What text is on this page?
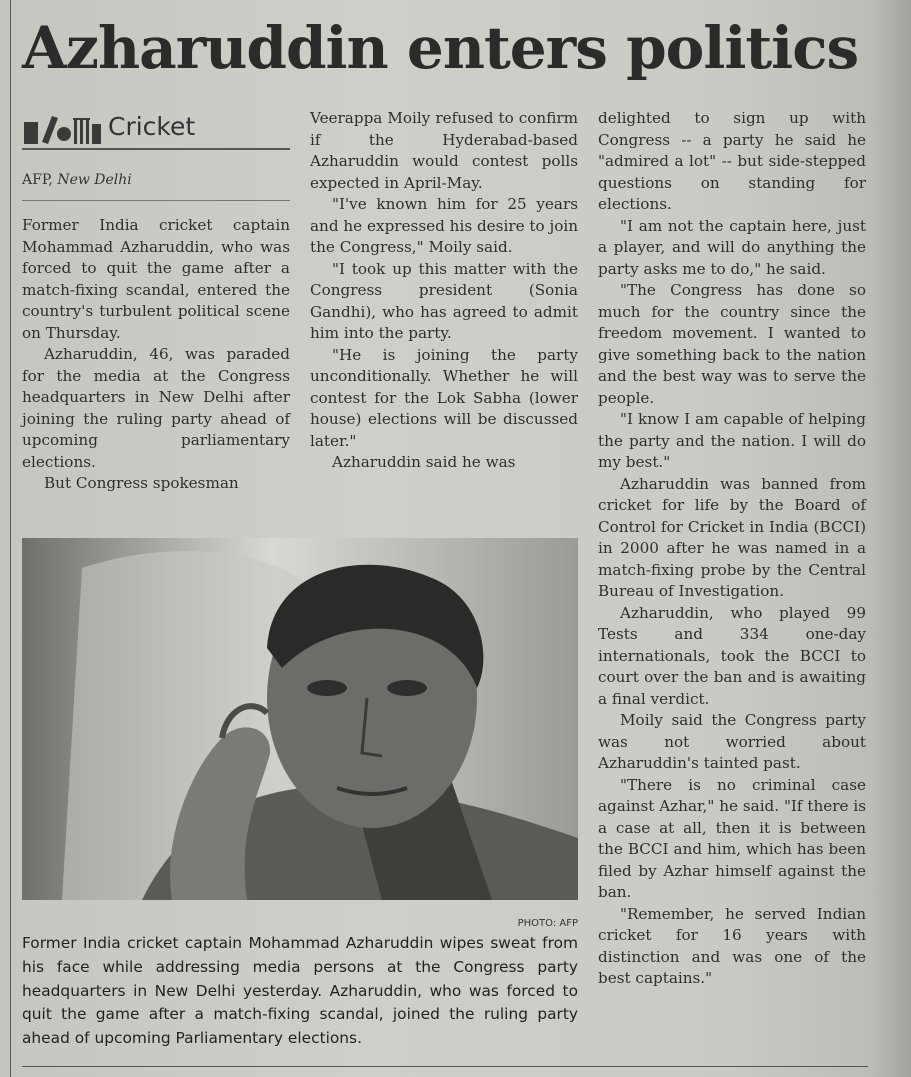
Azharuddin enters politics
Cricket
AFP, New Delhi

Former India cricket captain Mohammad Azharuddin, who was forced to quit the game after a match-fixing scandal, entered the country's turbulent political scene on Thursday.

Azharuddin, 46, was paraded for the media at the Congress headquarters in New Delhi after joining the ruling party ahead of upcoming parliamentary elections.

But Congress spokesman

Veerappa Moily refused to confirm if the Hyderabad-based Azharuddin would contest polls expected in April-May.

"I've known him for 25 years and he expressed his desire to join the Congress," Moily said.

"I took up this matter with the Congress president (Sonia Gandhi), who has agreed to admit him into the party.

"He is joining the party unconditionally. Whether he will contest for the Lok Sabha (lower house) elections will be discussed later."

Azharuddin said he was

delighted to sign up with Congress -- a party he said he "admired a lot" -- but side-stepped questions on standing for elections.

"I am not the captain here, just a player, and will do anything the party asks me to do," he said.

"The Congress has done so much for the country since the freedom movement. I wanted to give something back to the nation and the best way was to serve the people.

"I know I am capable of helping the party and the nation. I will do my best."

Azharuddin was banned from cricket for life by the Board of Control for Cricket in India (BCCI) in 2000 after he was named in a match-fixing probe by the Central Bureau of Investigation.

Azharuddin, who played 99 Tests and 334 one-day internationals, took the BCCI to court over the ban and is awaiting a final verdict.

Moily said the Congress party was not worried about Azharuddin's tainted past.

"There is no criminal case against Azhar," he said. "If there is a case at all, then it is between the BCCI and him, which has been filed by Azhar himself against the ban.

"Remember, he served Indian cricket for 16 years with distinction and was one of the best captains."

PHOTO: AFP
Former India cricket captain Mohammad Azharuddin wipes sweat from his face while addressing media persons at the Congress party headquarters in New Delhi yesterday. Azharuddin, who was forced to quit the game after a match-fixing scandal, joined the ruling party ahead of upcoming Parliamentary elections.
